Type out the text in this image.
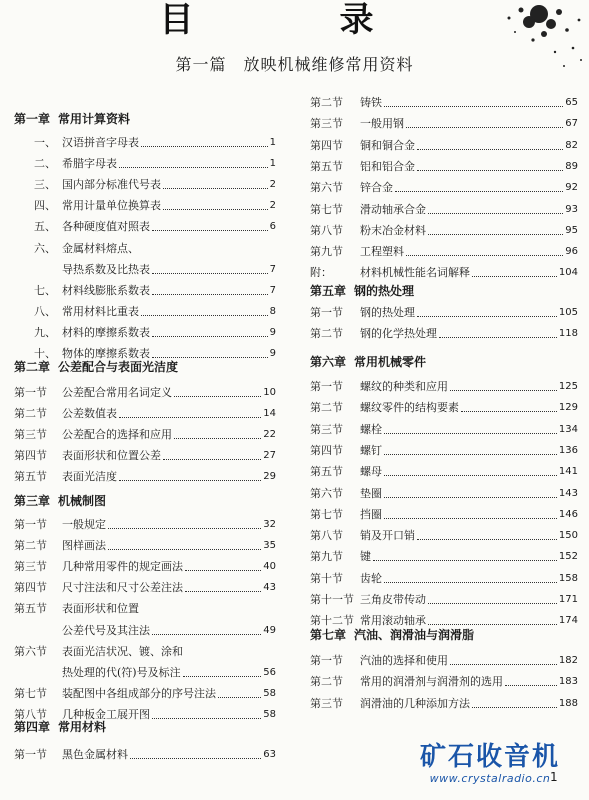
目　录
第一篇　放映机械维修常用资料
第一章 常用计算资料
一、 汉语拼音字母表	1
二、 希腊字母表	1
三、 国内部分标准代号表	2
四、 常用计量单位换算表	2
五、 各种硬度值对照表	6
六、 金属材料熔点、
导热系数及比热表	7
七、 材料线膨胀系数表	7
八、 常用材料比重表	8
九、 材料的摩擦系数表	9
十、 物体的摩擦系数表	9
第二章 公差配合与表面光洁度
第一节	公差配合常用名词定义	10
第二节	公差数值表	14
第三节	公差配合的选择和应用	22
第四节	表面形状和位置公差	27
第五节	表面光洁度	29
第三章 机械制图
第一节	一般规定	32
第二节	图样画法	35
第三节	几种常用零件的规定画法	40
第四节	尺寸注法和尺寸公差注法	43
第五节	表面形状和位置
公差代号及其注法	49
第六节	表面光洁状况、镀、涂和
热处理的代(符)号及标注	56
第七节	装配图中各组成部分的序号注法	58
第八节	几种板金工展开图	58
第四章 常用材料
第一节	黑色金属材料	63
第二节	铸铁	65
第三节	一般用钢	67
第四节	铜和铜合金	82
第五节	铝和铝合金	89
第六节	锌合金	92
第七节	滑动轴承合金	93
第八节	粉末冶金材料	95
第九节	工程塑料	96
附：	材料机械性能名词解释	104
第五章 钢的热处理
第一节	钢的热处理	105
第二节	钢的化学热处理	118
第六章 常用机械零件
第一节	螺纹的种类和应用	125
第二节	螺纹零件的结构要素	129
第三节	螺栓	134
第四节	螺钉	136
第五节	螺母	141
第六节	垫圈	143
第七节	挡圈	146
第八节	销及开口销	150
第九节	键	152
第十节	齿轮	158
第十一节 三角皮带传动	171
第十二节 常用滚动轴承	174
第七章 汽油、润滑油与润滑脂
第一节	汽油的选择和使用	182
第二节	常用的润滑剂与润滑剂的选用	183
第三节	润滑油的几种添加方法	188
矿石收音机
www.crystalradio.cn 1
